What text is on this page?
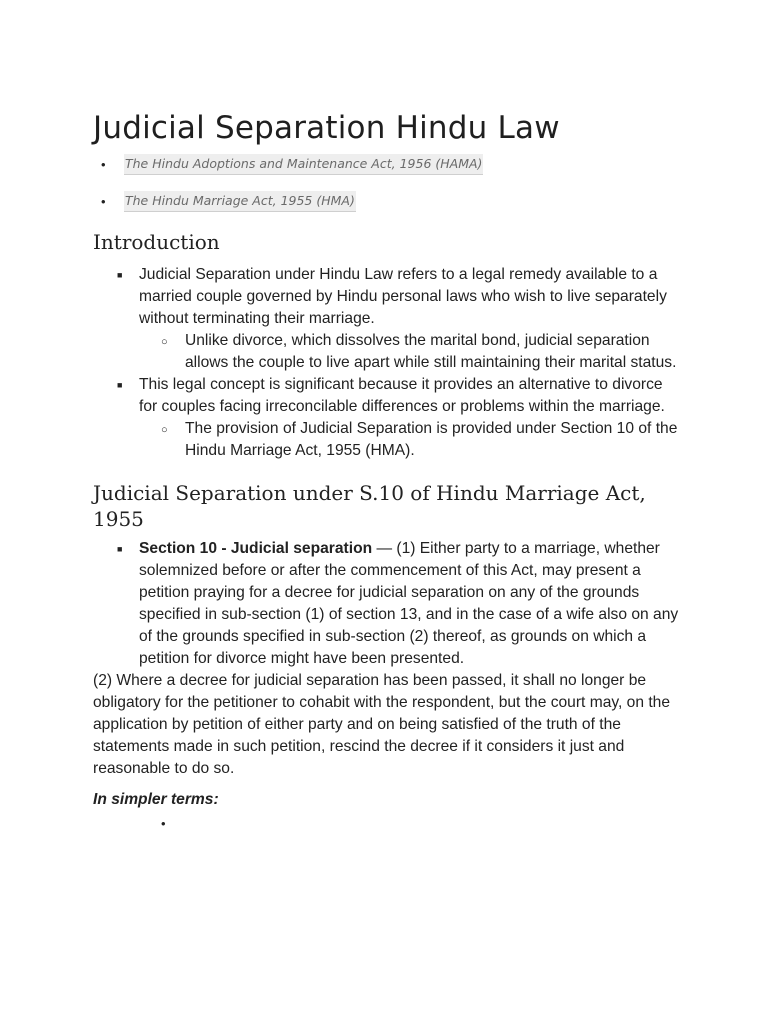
Judicial Separation Hindu Law
• The Hindu Adoptions and Maintenance Act, 1956 (HAMA)
• The Hindu Marriage Act, 1955 (HMA)
Introduction
■ Judicial Separation under Hindu Law refers to a legal remedy available to a married couple governed by Hindu personal laws who wish to live separately without terminating their marriage.
○ Unlike divorce, which dissolves the marital bond, judicial separation allows the couple to live apart while still maintaining their marital status.
■ This legal concept is significant because it provides an alternative to divorce for couples facing irreconcilable differences or problems within the marriage.
○ The provision of Judicial Separation is provided under Section 10 of the Hindu Marriage Act, 1955 (HMA).
Judicial Separation under S.10 of Hindu Marriage Act, 1955
■ Section 10 - Judicial separation — (1) Either party to a marriage, whether solemnized before or after the commencement of this Act, may present a petition praying for a decree for judicial separation on any of the grounds specified in sub-section (1) of section 13, and in the case of a wife also on any of the grounds specified in sub-section (2) thereof, as grounds on which a petition for divorce might have been presented.

(2) Where a decree for judicial separation has been passed, it shall no longer be obligatory for the petitioner to cohabit with the respondent, but the court may, on the application by petition of either party and on being satisfied of the truth of the statements made in such petition, rescind the decree if it considers it just and reasonable to do so.

In simpler terms:

•
